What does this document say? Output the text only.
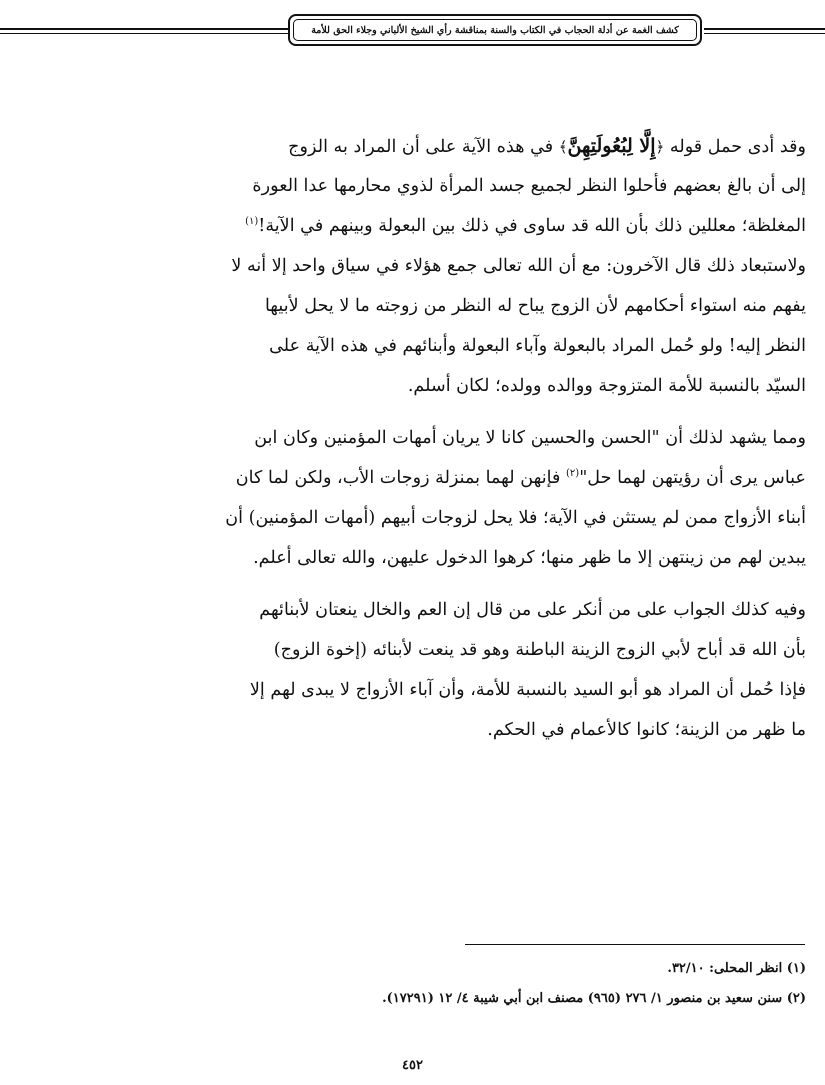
كشف الغمة عن أدلة الحجاب في الكتاب والسنة بمناقشة رأي الشيخ الألباني وجلاء الحق للأمة

وقد أدى حمل قوله ﴿إِلَّا لِبُعُولَتِهِنَّ﴾ في هذه الآية على أن المراد به الزوج
إلى أن بالغ بعضهم فأحلوا النظر لجميع جسد المرأة لذوي محارمها عدا العورة
المغلظة؛ معللين ذلك بأن الله قد ساوى في ذلك بين البعولة وبينهم في الآية!$^{(١)}$
ولاستبعاد ذلك قال الآخرون: مع أن الله تعالى جمع هؤلاء في سياق واحد إلا أنه لا
يفهم منه استواء أحكامهم لأن الزوج يباح له النظر من زوجته ما لا يحل لأبيها
النظر إليه! ولو حُمل المراد بالبعولة وآباء البعولة وأبنائهم في هذه الآية على
السيّد بالنسبة للأمة المتزوجة ووالده وولده؛ لكان أسلم.

ومما يشهد لذلك أن "الحسن والحسين كانا لا يريان أمهات المؤمنين وكان ابن
عباس يرى أن رؤيتهن لهما حل"$^{(٢)}$ فإنهن لهما بمنزلة زوجات الأب، ولكن لما كان
أبناء الأزواج ممن لم يستثن في الآية؛ فلا يحل لزوجات أبيهم (أمهات المؤمنين) أن
يبدين لهم من زينتهن إلا ما ظهر منها؛ كرهوا الدخول عليهن، والله تعالى أعلم.

وفيه كذلك الجواب على من أنكر على من قال إن العم والخال ينعتان لأبنائهم
بأن الله قد أباح لأبي الزوج الزينة الباطنة وهو قد ينعت لأبنائه (إخوة الزوج)
فإذا حُمل أن المراد هو أبو السيد بالنسبة للأمة، وأن آباء الأزواج لا يبدى لهم إلا
ما ظهر من الزينة؛ كانوا كالأعمام في الحكم.

(١) انظر المحلى: ٣٢/١٠.
(٢) سنن سعيد بن منصور ١/ ٢٧٦ (٩٦٥) مصنف ابن أبي شيبة ٤/ ١٢ (١٧٢٩١).
٤٥٢
